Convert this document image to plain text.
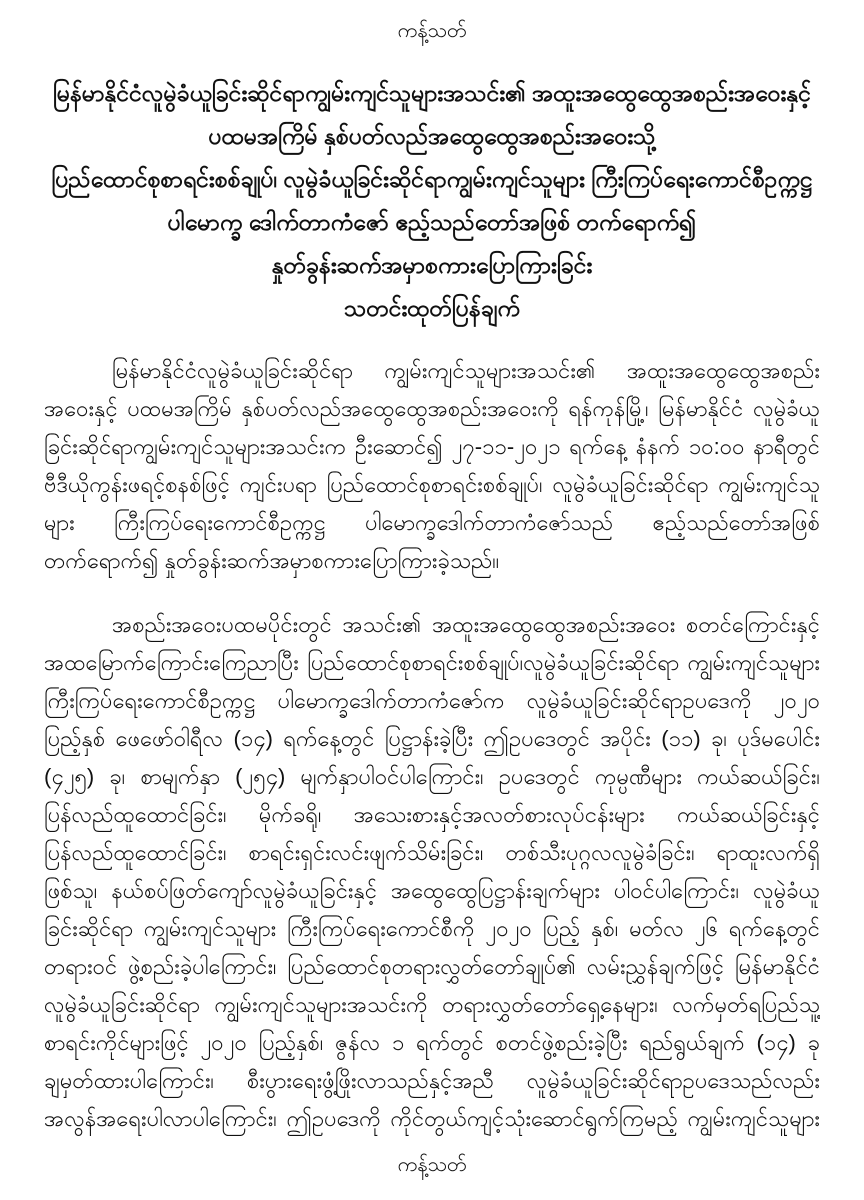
ကန့်သတ်
မြန်မာနိုင်ငံလူမွဲခံယူခြင်းဆိုင်ရာကျွမ်းကျင်သူများအသင်း၏ အထူးအထွေထွေအစည်းအဝေးနှင့်
ပထမအကြိမ် နှစ်ပတ်လည်အထွေထွေအစည်းအဝေးသို့
ပြည်ထောင်စုစာရင်းစစ်ချုပ်၊ လူမွဲခံယူခြင်းဆိုင်ရာကျွမ်းကျင်သူများ ကြီးကြပ်ရေးကောင်စီဥက္ကဋ္ဌ
ပါမောက္ခ ဒေါက်တာကံဇော် ဧည့်သည်တော်အဖြစ် တက်ရောက်၍
နှုတ်ခွန်းဆက်အမှာစကားပြောကြားခြင်း
သတင်းထုတ်ပြန်ချက်
မြန်မာနိုင်ငံလူမွဲခံယူခြင်းဆိုင်ရာ ကျွမ်းကျင်သူများအသင်း၏ အထူးအထွေထွေအစည်း
အဝေးနှင့် ပထမအကြိမ် နှစ်ပတ်လည်အထွေထွေအစည်းအဝေးကို ရန်ကုန်မြို့၊ မြန်မာနိုင်ငံ လူမွဲခံယူ
ခြင်းဆိုင်ရာကျွမ်းကျင်သူများအသင်းက ဦးဆောင်၍ ၂၇-၁၁-၂၀၂၁ ရက်နေ့ နံနက် ၁၀:၀၀ နာရီတွင်
ဗီဒီယိုကွန်းဖရင့်စနစ်ဖြင့် ကျင်းပရာ ပြည်ထောင်စုစာရင်းစစ်ချုပ်၊ လူမွဲခံယူခြင်းဆိုင်ရာ ကျွမ်းကျင်သူ
များ ကြီးကြပ်ရေးကောင်စီဥက္ကဋ္ဌ ပါမောက္ခဒေါက်တာကံဇော်သည် ဧည့်သည်တော်အဖြစ်
တက်ရောက်၍ နှုတ်ခွန်းဆက်အမှာစကားပြောကြားခဲ့သည်။
အစည်းအဝေးပထမပိုင်းတွင် အသင်း၏ အထူးအထွေထွေအစည်းအဝေး စတင်ကြောင်းနှင့်
အထမြောက်ကြောင်းကြေညာပြီး ပြည်ထောင်စုစာရင်းစစ်ချုပ်၊လူမွဲခံယူခြင်းဆိုင်ရာ ကျွမ်းကျင်သူများ
ကြီးကြပ်ရေးကောင်စီဥက္ကဋ္ဌ ပါမောက္ခဒေါက်တာကံဇော်က လူမွဲခံယူခြင်းဆိုင်ရာဥပဒေကို ၂၀၂၀
ပြည့်နှစ် ဖေဖော်ဝါရီလ (၁၄) ရက်နေ့တွင် ပြဋ္ဌာန်းခဲ့ပြီး ဤဥပဒေတွင် အပိုင်း (၁၁) ခု၊ ပုဒ်မပေါင်း
(၄၂၅) ခု၊ စာမျက်နှာ (၂၅၄) မျက်နှာပါဝင်ပါကြောင်း၊ ဥပဒေတွင် ကုမ္ပဏီများ ကယ်ဆယ်ခြင်း၊
ပြန်လည်ထူထောင်ခြင်း၊ မိုက်ခရို၊ အသေးစားနှင့်အလတ်စားလုပ်ငန်းများ ကယ်ဆယ်ခြင်းနှင့်
ပြန်လည်ထူထောင်ခြင်း၊ စာရင်းရှင်းလင်းဖျက်သိမ်းခြင်း၊ တစ်သီးပုဂ္ဂလလူမွဲခံခြင်း၊ ရာထူးလက်ရှိ
ဖြစ်သူ၊ နယ်စပ်ဖြတ်ကျော်လူမွဲခံယူခြင်းနှင့် အထွေထွေပြဋ္ဌာန်းချက်များ ပါဝင်ပါကြောင်း၊ လူမွဲခံယူ
ခြင်းဆိုင်ရာ ကျွမ်းကျင်သူများ ကြီးကြပ်ရေးကောင်စီကို ၂၀၂၀ ပြည့် နှစ်၊ မတ်လ ၂၆ ရက်နေ့တွင်
တရားဝင် ဖွဲ့စည်းခဲ့ပါကြောင်း၊ ပြည်ထောင်စုတရားလွှတ်တော်ချုပ်၏ လမ်းညွှန်ချက်ဖြင့် မြန်မာနိုင်ငံ
လူမွဲခံယူခြင်းဆိုင်ရာ ကျွမ်းကျင်သူများအသင်းကို တရားလွှတ်တော်ရှေ့နေများ၊ လက်မှတ်ရပြည်သူ့
စာရင်းကိုင်များဖြင့် ၂၀၂၀ ပြည့်နှစ်၊ ဇွန်လ ၁ ရက်တွင် စတင်ဖွဲ့စည်းခဲ့ပြီး ရည်ရွယ်ချက် (၁၄) ခု
ချမှတ်ထားပါကြောင်း၊ စီးပွားရေးဖွံ့ဖြိုးလာသည်နှင့်အညီ လူမွဲခံယူခြင်းဆိုင်ရာဥပဒေသည်လည်း
အလွန်အရေးပါလာပါကြောင်း၊ ဤဥပဒေကို ကိုင်တွယ်ကျင့်သုံးဆောင်ရွက်ကြမည့် ကျွမ်းကျင်သူများ
ကန့်သတ်
